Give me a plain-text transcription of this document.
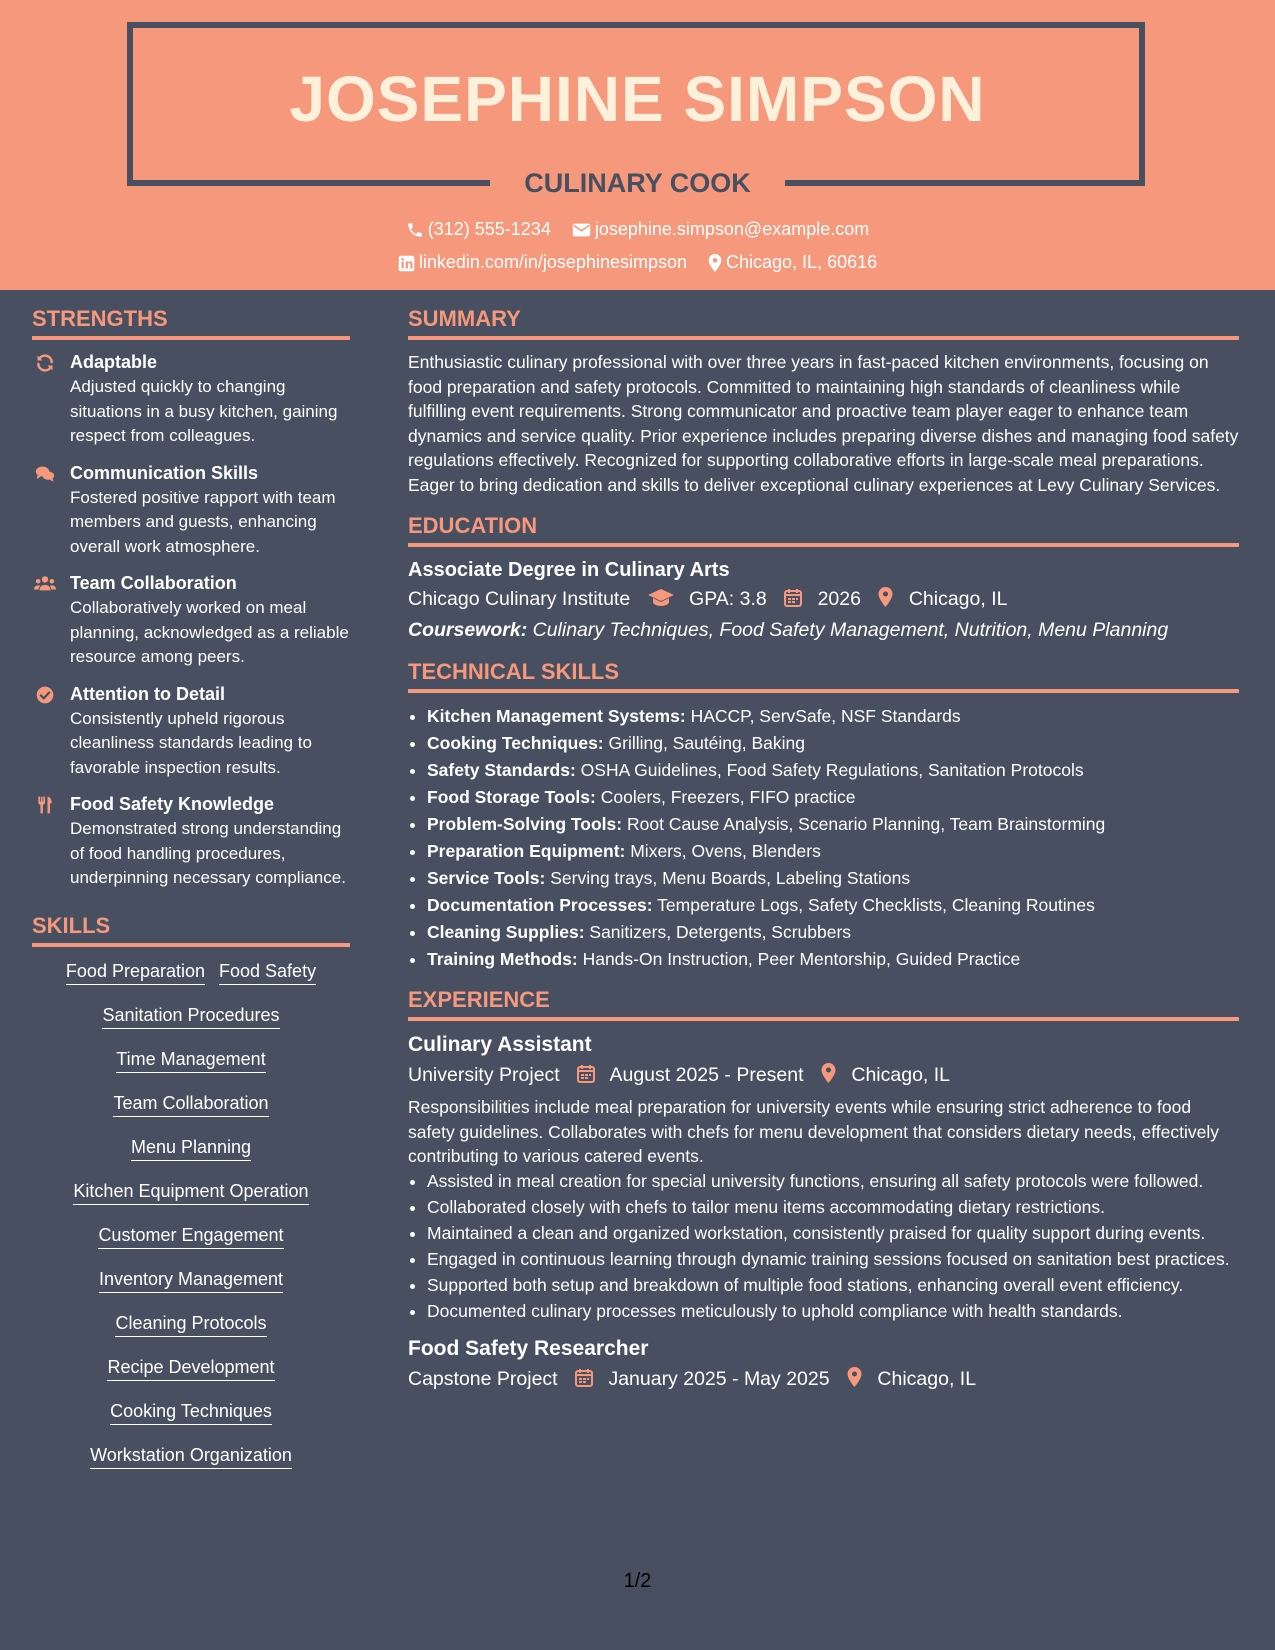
JOSEPHINE SIMPSON
CULINARY COOK
(312) 555-1234 josephine.simpson@example.com
linkedin.com/in/josephinesimpson Chicago, IL, 60616
STRENGTHS
Adaptable
Adjusted quickly to changing situations in a busy kitchen, gaining respect from colleagues.
Communication Skills
Fostered positive rapport with team members and guests, enhancing overall work atmosphere.
Team Collaboration
Collaboratively worked on meal planning, acknowledged as a reliable resource among peers.
Attention to Detail
Consistently upheld rigorous cleanliness standards leading to favorable inspection results.
Food Safety Knowledge
Demonstrated strong understanding of food handling procedures, underpinning necessary compliance.
SKILLS
Food Preparation Food Safety
Sanitation Procedures
Time Management
Team Collaboration
Menu Planning
Kitchen Equipment Operation
Customer Engagement
Inventory Management
Cleaning Protocols
Recipe Development
Cooking Techniques
Workstation Organization
SUMMARY
Enthusiastic culinary professional with over three years in fast-paced kitchen environments, focusing on food preparation and safety protocols. Committed to maintaining high standards of cleanliness while fulfilling event requirements. Strong communicator and proactive team player eager to enhance team dynamics and service quality. Prior experience includes preparing diverse dishes and managing food safety regulations effectively. Recognized for supporting collaborative efforts in large-scale meal preparations. Eager to bring dedication and skills to deliver exceptional culinary experiences at Levy Culinary Services.
EDUCATION
Associate Degree in Culinary Arts
Chicago Culinary Institute	GPA: 3.8	2026 Chicago, IL
Coursework: Culinary Techniques, Food Safety Management, Nutrition, Menu Planning
TECHNICAL SKILLS
• Kitchen Management Systems: HACCP, ServSafe, NSF Standards
• Cooking Techniques: Grilling, Sautéing, Baking
• Safety Standards: OSHA Guidelines, Food Safety Regulations, Sanitation Protocols
• Food Storage Tools: Coolers, Freezers, FIFO practice
• Problem-Solving Tools: Root Cause Analysis, Scenario Planning, Team Brainstorming
• Preparation Equipment: Mixers, Ovens, Blenders
• Service Tools: Serving trays, Menu Boards, Labeling Stations
• Documentation Processes: Temperature Logs, Safety Checklists, Cleaning Routines
• Cleaning Supplies: Sanitizers, Detergents, Scrubbers
• Training Methods: Hands-On Instruction, Peer Mentorship, Guided Practice
EXPERIENCE
Culinary Assistant
University Project	August 2025 - Present Chicago, IL
Responsibilities include meal preparation for university events while ensuring strict adherence to food safety guidelines. Collaborates with chefs for menu development that considers dietary needs, effectively contributing to various catered events.
• Assisted in meal creation for special university functions, ensuring all safety protocols were followed.
• Collaborated closely with chefs to tailor menu items accommodating dietary restrictions.
• Maintained a clean and organized workstation, consistently praised for quality support during events.
• Engaged in continuous learning through dynamic training sessions focused on sanitation best practices.
• Supported both setup and breakdown of multiple food stations, enhancing overall event efficiency.
• Documented culinary processes meticulously to uphold compliance with health standards.
Food Safety Researcher
Capstone Project	January 2025 - May 2025 Chicago, IL
1/2
